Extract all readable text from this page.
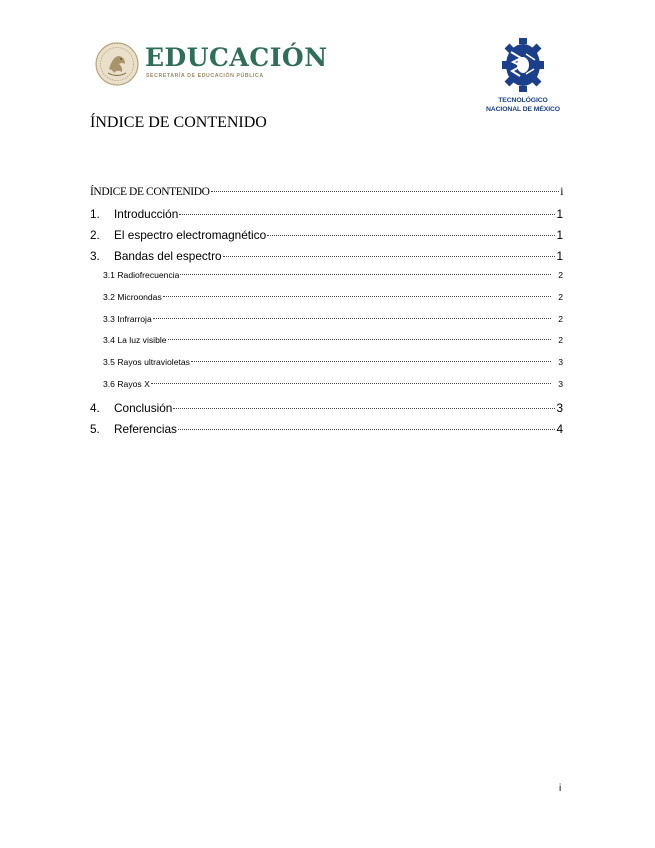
EDUCACIÓN
SECRETARÍA DE EDUCACIÓN PÚBLICA
TECNOLÓGICO
NACIONAL DE MÉXICO
ÍNDICE DE CONTENIDO
ÍNDICE DE CONTENIDO	i
1. Introducción	1
2. El espectro electromagnético	1
3. Bandas del espectro	1
3.1 Radiofrecuencia	2
3.2 Microondas	2
3.3 Infrarroja	2
3.4 La luz visible	2
3.5 Rayos ultravioletas	3
3.6 Rayos X	3
4. Conclusión	3
5. Referencias	4
i
